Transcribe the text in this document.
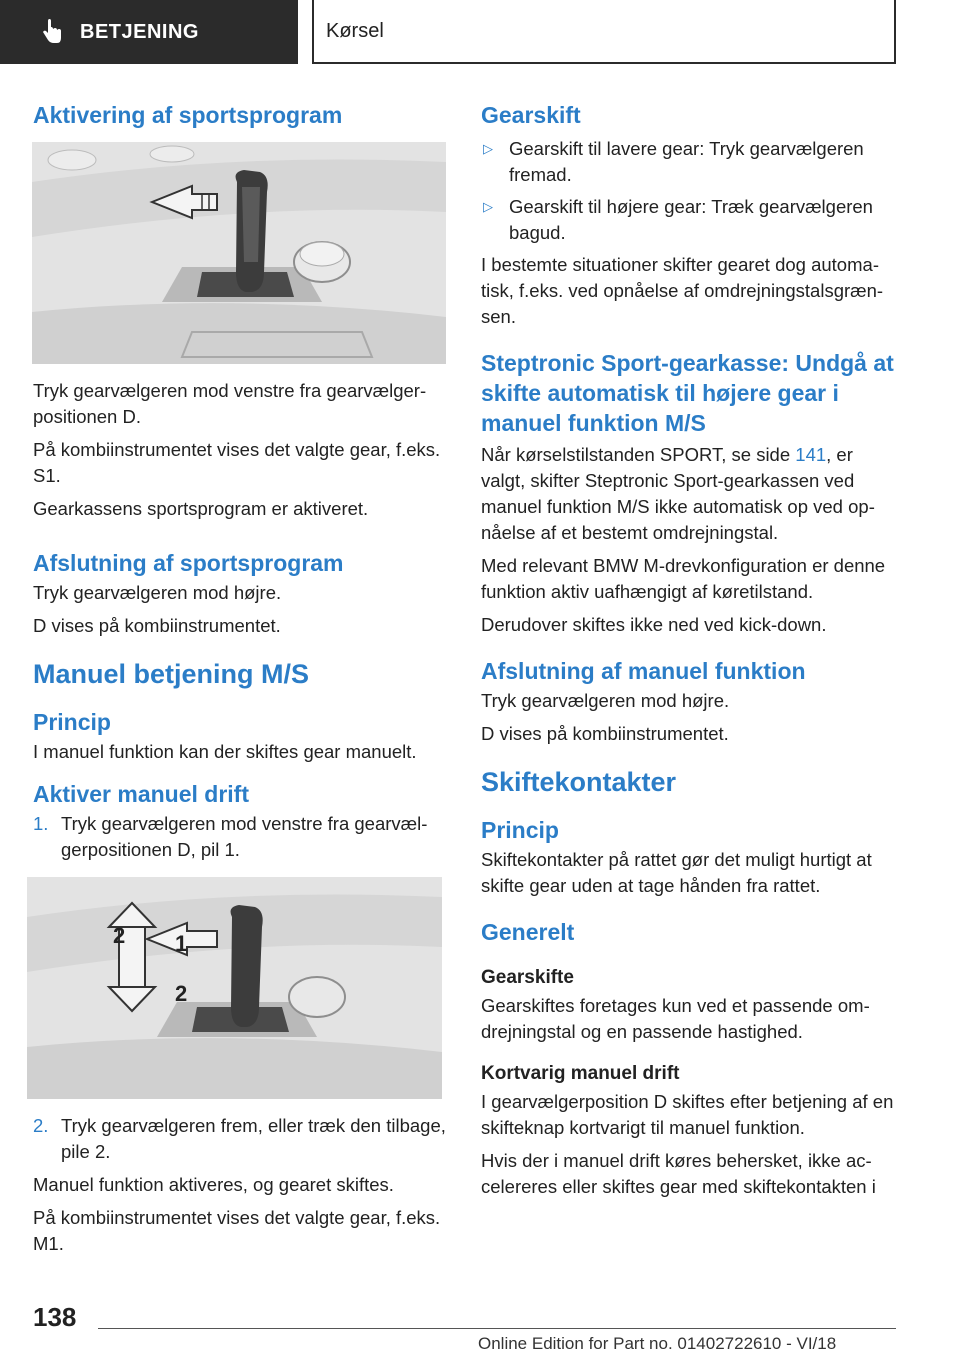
BETJENING	Kørsel
Aktivering af sportsprogram

Tryk gearvælgeren mod venstre fra gearvælgerpositionen D.

På kombiinstrumentet vises det valgte gear, f.eks. S1.

Gearkassens sportsprogram er aktiveret.

Afslutning af sportsprogram

Tryk gearvælgeren mod højre.

D vises på kombiinstrumentet.

Manuel betjening M/S
Princip

I manuel funktion kan der skiftes gear manuelt.

Aktiver manuel drift
1. Tryk gearvælgeren mod venstre fra gearvælgerpositionen D, pil 1.
1
2
2
2. Tryk gearvælgeren frem, eller træk den tilbage, pile 2.

Manuel funktion aktiveres, og gearet skiftes.

På kombiinstrumentet vises det valgte gear, f.eks. M1.

Gearskift
▷ Gearskift til lavere gear: Tryk gearvælgeren fremad.
▷ Gearskift til højere gear: Træk gearvælgeren bagud.

I bestemte situationer skifter gearet dog automatisk, f.eks. ved opnåelse af omdrejningstalsgrænsen.

Steptronic Sport-gearkasse: Undgå at skifte automatisk til højere gear i manuel funktion M/S

Når kørselstilstanden SPORT, se side 141, er valgt, skifter Steptronic Sport-gearkassen ved manuel funktion M/S ikke automatisk op ved opnåelse af et bestemt omdrejningstal.

Med relevant BMW M-drevkonfiguration er denne funktion aktiv uafhængigt af køretilstand.

Derudover skiftes ikke ned ved kick-down.

Afslutning af manuel funktion

Tryk gearvælgeren mod højre.

D vises på kombiinstrumentet.

Skiftekontakter
Princip

Skiftekontakter på rattet gør det muligt hurtigt at skifte gear uden at tage hånden fra rattet.

Generelt
Gearskifte

Gearskiftes foretages kun ved et passende omdrejningstal og en passende hastighed.

Kortvarig manuel drift

I gearvælgerposition D skiftes efter betjening af en skifteknap kortvarigt til manuel funktion.

Hvis der i manuel drift køres behersket, ikke accelereres eller skiftes gear med skiftekontakten i

138
Online Edition for Part no. 01402722610 - VI/18
